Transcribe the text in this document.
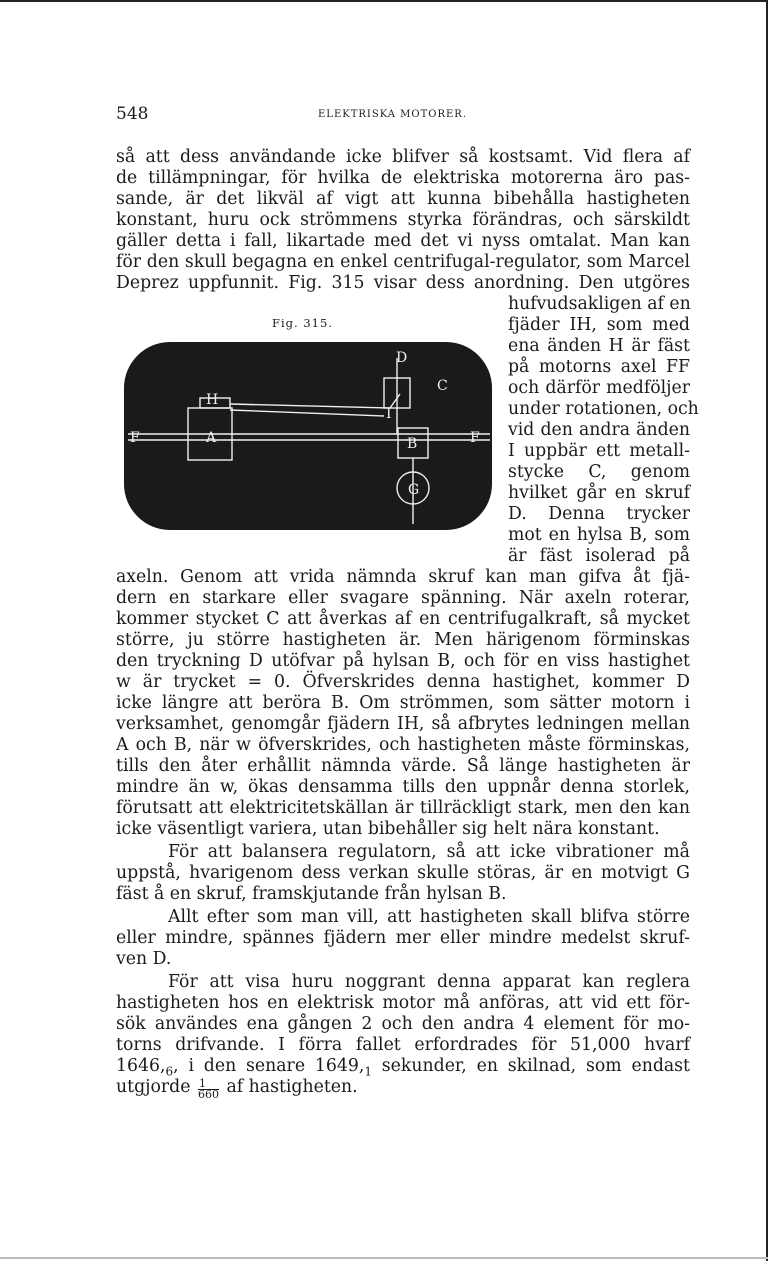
548	ELEKTRISKA MOTORER.
så att dess användande icke blifver så kostsamt. Vid flera af
de tillämpningar, för hvilka de elektriska motorerna äro pas-
sande, är det likväl af vigt att kunna bibehålla hastigheten
konstant, huru ock strömmens styrka förändras, och särskildt
gäller detta i fall, likartade med det vi nyss omtalat. Man kan
för den skull begagna en enkel centrifugal-regulator, som Marcel
Deprez uppfunnit. Fig. 315 visar dess anordning. Den utgöres
hufvudsakligen af en
fjäder IH, som med
ena änden H är fäst
på motorns axel FF
och därför medföljer
under rotationen, och
vid den andra änden
I uppbär ett metall-
stycke C, genom
hvilket går en skruf
D. Denna trycker
mot en hylsa B, som
är fäst isolerad på
Fig. 315.
D
C
H
I
A	B
G
F	F
axeln. Genom att vrida nämnda skruf kan man gifva åt fjä-
dern en starkare eller svagare spänning. När axeln roterar,
kommer stycket C att åverkas af en centrifugalkraft, så mycket
större, ju större hastigheten är. Men härigenom förminskas
den tryckning D utöfvar på hylsan B, och för en viss hastighet
w är trycket = 0. Öfverskrides denna hastighet, kommer D
icke längre att beröra B. Om strömmen, som sätter motorn i
verksamhet, genomgår fjädern IH, så afbrytes ledningen mellan
A och B, när w öfverskrides, och hastigheten måste förminskas,
tills den åter erhållit nämnda värde. Så länge hastigheten är
mindre än w, ökas densamma tills den uppnår denna storlek,
förutsatt att elektricitetskällan är tillräckligt stark, men den kan
icke väsentligt variera, utan bibehåller sig helt nära konstant.
För att balansera regulatorn, så att icke vibrationer må
uppstå, hvarigenom dess verkan skulle störas, är en motvigt G
fäst å en skruf, framskjutande från hylsan B.
Allt efter som man vill, att hastigheten skall blifva större
eller mindre, spännes fjädern mer eller mindre medelst skruf-
ven D.
För att visa huru noggrant denna apparat kan reglera
hastigheten hos en elektrisk motor må anföras, att vid ett för-
sök användes ena gången 2 och den andra 4 element för mo-
torns drifvande. I förra fallet erfordrades för 51,000 hvarf
$1646,_6$, i den senare $1649,_1$ sekunder, en skilnad, som endast
utgjorde $\frac{1}{660}$ af hastigheten.
